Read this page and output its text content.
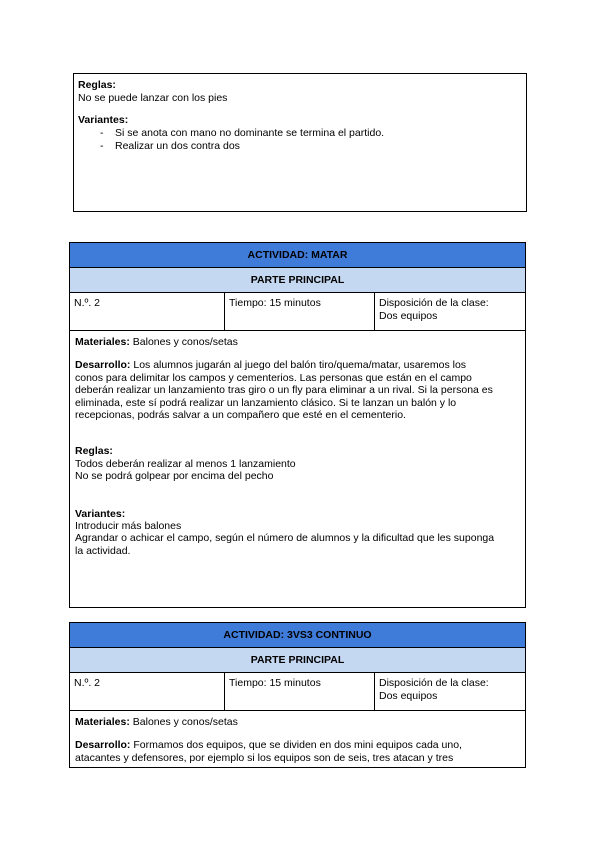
Reglas:
No se puede lanzar con los pies
Variantes:
- Si se anota con mano no dominante se termina el partido.
- Realizar un dos contra dos
ACTIVIDAD: MATAR
PARTE PRINCIPAL
N.º. 2	Tiempo: 15 minutos	Disposición de la clase:
Dos equipos

Materiales: Balones y conos/setas

Desarrollo: Los alumnos jugarán al juego del balón tiro/quema/matar, usaremos los
conos para delimitar los campos y cementerios. Las personas que están en el campo
deberán realizar un lanzamiento tras giro o un fly para eliminar a un rival. Si la persona es
eliminada, este sí podrá realizar un lanzamiento clásico. Si te lanzan un balón y lo
recepcionas, podrás salvar a un compañero que esté en el cementerio.

Reglas:
Todos deberán realizar al menos 1 lanzamiento
No se podrá golpear por encima del pecho
Variantes:
Introducir más balones
Agrandar o achicar el campo, según el número de alumnos y la dificultad que les suponga
la actividad.
ACTIVIDAD: 3VS3 CONTINUO
PARTE PRINCIPAL
N.º. 2	Tiempo: 15 minutos	Disposición de la clase:
Dos equipos

Materiales: Balones y conos/setas

Desarrollo: Formamos dos equipos, que se dividen en dos mini equipos cada uno,
atacantes y defensores, por ejemplo si los equipos son de seis, tres atacan y tres
